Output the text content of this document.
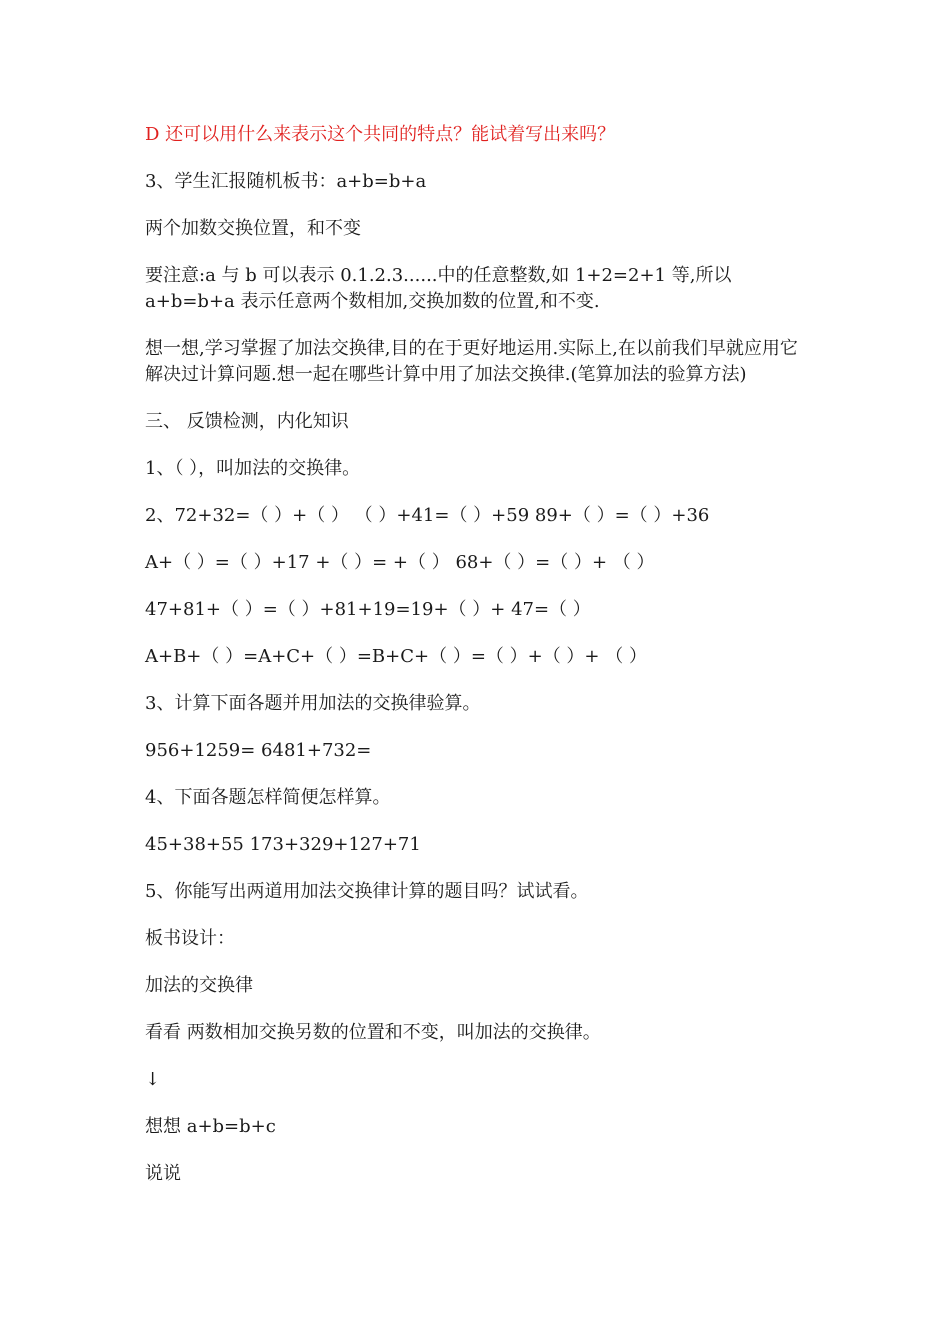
D 还可以用什么来表示这个共同的特点？能试着写出来吗？

3、学生汇报随机板书：a+b=b+a

两个加数交换位置，和不变

要注意:a 与 b 可以表示 0.1.2.3......中的任意整数,如 1+2=2+1 等,所以 a+b=b+a 表示任意两个数相加,交换加数的位置,和不变.

想一想,学习掌握了加法交换律,目的在于更好地运用.实际上,在以前我们早就应用它解决过计算问题.想一起在哪些计算中用了加法交换律.(笔算加法的验算方法)

三、 反馈检测，内化知识

1、（ ），叫加法的交换律。

2、72+32=（ ）+（ ） （ ）+41=（ ）+59 89+（ ）=（ ）+36

A+（ ）=（ ）+17 +（ ）= +（ ） 68+（ ）=（ ）+ （ ）

47+81+（ ）=（ ）+81+19=19+（ ）+ 47=（ ）

A+B+（ ）=A+C+（ ）=B+C+（ ）=（ ）+（ ）+ （ ）

3、计算下面各题并用加法的交换律验算。

956+1259= 6481+732=

4、下面各题怎样简便怎样算。

45+38+55 173+329+127+71

5、你能写出两道用加法交换律计算的题目吗？试试看。

板书设计：

加法的交换律

看看 两数相加交换另数的位置和不变，叫加法的交换律。

↓

想想 a+b=b+c

说说
